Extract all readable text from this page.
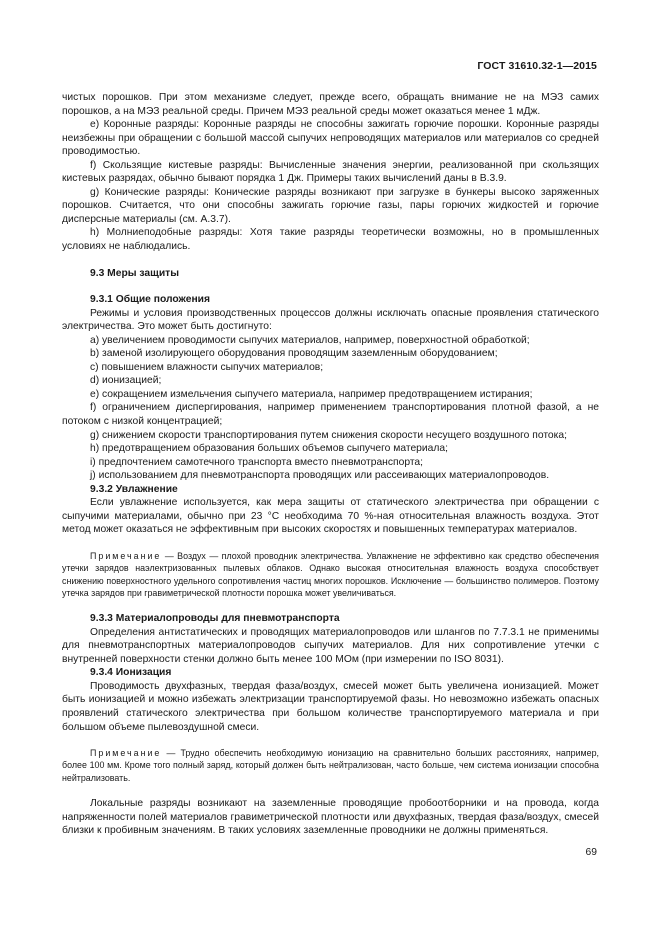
ГОСТ 31610.32-1—2015

чистых порошков. При этом механизме следует, прежде всего, обращать внимание не на МЭЗ самих порошков, а на МЭЗ реальной среды. Причем МЭЗ реальной среды может оказаться менее 1 мДж.

e) Коронные разряды: Коронные разряды не способны зажигать горючие порошки. Коронные разряды неизбежны при обращении с большой массой сыпучих непроводящих материалов или материалов со средней проводимостью.

f) Скользящие кистевые разряды: Вычисленные значения энергии, реализованной при скользящих кистевых разрядах, обычно бывают порядка 1 Дж. Примеры таких вычислений даны в В.3.9.

g) Конические разряды: Конические разряды возникают при загрузке в бункеры высоко заряженных порошков. Считается, что они способны зажигать горючие газы, пары горючих жидкостей и горючие дисперсные материалы (см. А.3.7).

h) Молниеподобные разряды: Хотя такие разряды теоретически возможны, но в промышленных условиях не наблюдались.

9.3 Меры защиты

9.3.1 Общие положения

Режимы и условия производственных процессов должны исключать опасные проявления статического электричества. Это может быть достигнуто:

a) увеличением проводимости сыпучих материалов, например, поверхностной обработкой;

b) заменой изолирующего оборудования проводящим заземленным оборудованием;

c) повышением влажности сыпучих материалов;

d) ионизацией;

e) сокращением измельчения сыпучего материала, например предотвращением истирания;

f) ограничением диспергирования, например применением транспортирования плотной фазой, а не потоком с низкой концентрацией;

g) снижением скорости транспортирования путем снижения скорости несущего воздушного потока;

h) предотвращением образования больших объемов сыпучего материала;

i) предпочтением самотечного транспорта вместо пневмотранспорта;

j) использованием для пневмотранспорта проводящих или рассеивающих материалопроводов.

9.3.2 Увлажнение

Если увлажнение используется, как мера защиты от статического электричества при обращении с сыпучими материалами, обычно при 23 °С необходима 70 %-ная относительная влажность воздуха. Этот метод может оказаться не эффективным при высоких скоростях и повышенных температурах материалов.

Примечание — Воздух — плохой проводник электричества. Увлажнение не эффективно как средство обеспечения утечки зарядов наэлектризованных пылевых облаков. Однако высокая относительная влажность воздуха способствует снижению поверхностного удельного сопротивления частиц многих порошков. Исключение — большинство полимеров. Поэтому утечка зарядов при гравиметрической плотности порошка может увеличиваться.

9.3.3 Материалопроводы для пневмотранспорта

Определения антистатических и проводящих материалопроводов или шлангов по 7.7.3.1 не применимы для пневмотранспортных материалопроводов сыпучих материалов. Для них сопротивление утечки с внутренней поверхности стенки должно быть менее 100 МОм (при измерении по ISO 8031).

9.3.4 Ионизация

Проводимость двухфазных, твердая фаза/воздух, смесей может быть увеличена ионизацией. Может быть ионизацией и можно избежать электризации транспортируемой фазы. Но невозможно избежать опасных проявлений статического электричества при большом количестве транспортируемого материала и при большом объеме пылевоздушной смеси.

Примечание — Трудно обеспечить необходимую ионизацию на сравнительно больших расстояниях, например, более 100 мм. Кроме того полный заряд, который должен быть нейтрализован, часто больше, чем система ионизации способна нейтрализовать.

Локальные разряды возникают на заземленные проводящие пробоотборники и на провода, когда напряженности полей материалов гравиметрической плотности или двухфазных, твердая фаза/воздух, смесей близки к пробивным значениям. В таких условиях заземленные проводники не должны применяться.

69
